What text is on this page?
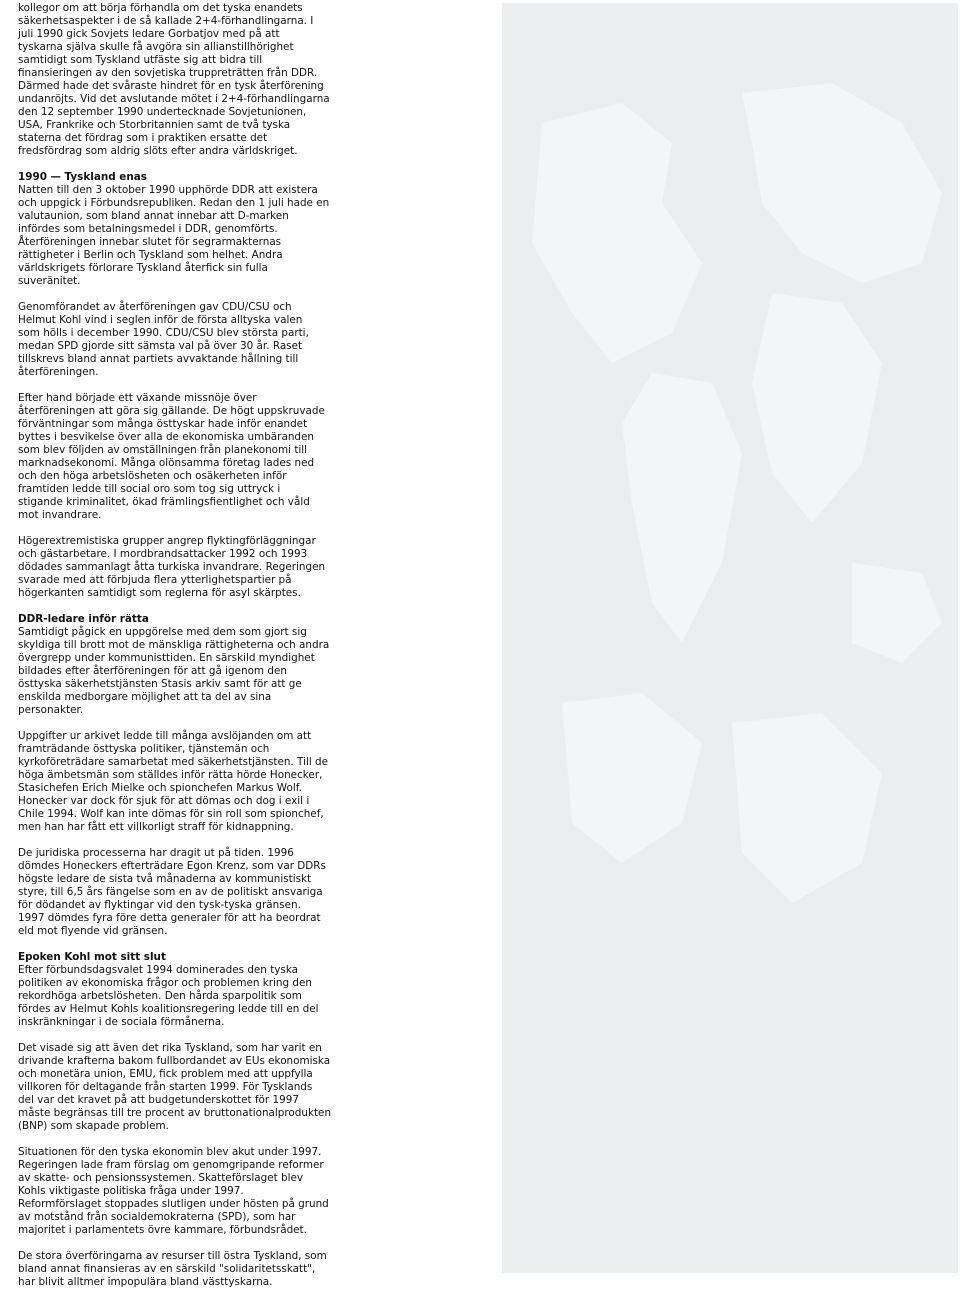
kollegor om att börja förhandla om det tyska enandets
säkerhetsaspekter i de så kallade 2+4-förhandlingarna. I
juli 1990 gick Sovjets ledare Gorbatjov med på att
tyskarna själva skulle få avgöra sin allianstillhörighet
samtidigt som Tyskland utfäste sig att bidra till
finansieringen av den sovjetiska truppreträtten från DDR.
Därmed hade det svåraste hindret för en tysk återförening
undanröjts. Vid det avslutande mötet i 2+4-förhandlingarna
den 12 september 1990 undertecknade Sovjetunionen,
USA, Frankrike och Storbritannien samt de två tyska
staterna det fördrag som i praktiken ersatte det
fredsfördrag som aldrig slöts efter andra världskriget.

1990 — Tyskland enas

Natten till den 3 oktober 1990 upphörde DDR att existera
och uppgick i Förbundsrepubliken. Redan den 1 juli hade en
valutaunion, som bland annat innebar att D-marken
infördes som betalningsmedel i DDR, genomförts.
Återföreningen innebar slutet för segrarmakternas
rättigheter i Berlin och Tyskland som helhet. Andra
världskrigets förlorare Tyskland återfick sin fulla
suveränitet.

Genomförandet av återföreningen gav CDU/CSU och
Helmut Kohl vind i seglen inför de första alltyska valen
som hölls i december 1990. CDU/CSU blev största parti,
medan SPD gjorde sitt sämsta val på över 30 år. Raset
tillskrevs bland annat partiets avvaktande hållning till
återföreningen.

Efter hand började ett växande missnöje över
återföreningen att göra sig gällande. De högt uppskruvade
förväntningar som många östtyskar hade inför enandet
byttes i besvikelse över alla de ekonomiska umbäranden
som blev följden av omställningen från planekonomi till
marknadsekonomi. Många olönsamma företag lades ned
och den höga arbetslösheten och osäkerheten inför
framtiden ledde till social oro som tog sig uttryck i
stigande kriminalitet, ökad främlingsfientlighet och våld
mot invandrare.

Högerextremistiska grupper angrep flyktingförläggningar
och gästarbetare. I mordbrandsattacker 1992 och 1993
dödades sammanlagt åtta turkiska invandrare. Regeringen
svarade med att förbjuda flera ytterlighetspartier på
högerkanten samtidigt som reglerna för asyl skärptes.

DDR-ledare inför rätta

Samtidigt pågick en uppgörelse med dem som gjort sig
skyldiga till brott mot de mänskliga rättigheterna och andra
övergrepp under kommunisttiden. En särskild myndighet
bildades efter återföreningen för att gå igenom den
östtyska säkerhetstjänsten Stasis arkiv samt för att ge
enskilda medborgare möjlighet att ta del av sina
personakter.

Uppgifter ur arkivet ledde till många avslöjanden om att
framträdande östtyska politiker, tjänstemän och
kyrkoföreträdare samarbetat med säkerhetstjänsten. Till de
höga ämbetsmän som ställdes inför rätta hörde Honecker,
Stasichefen Erich Mielke och spionchefen Markus Wolf.
Honecker var dock för sjuk för att dömas och dog i exil i
Chile 1994. Wolf kan inte dömas för sin roll som spionchef,
men han har fått ett villkorligt straff för kidnappning.

De juridiska processerna har dragit ut på tiden. 1996
dömdes Honeckers efterträdare Egon Krenz, som var DDRs
högste ledare de sista två månaderna av kommunistiskt
styre, till 6,5 års fängelse som en av de politiskt ansvariga
för dödandet av flyktingar vid den tysk-tyska gränsen.
1997 dömdes fyra före detta generaler för att ha beordrat
eld mot flyende vid gränsen.

Epoken Kohl mot sitt slut

Efter förbundsdagsvalet 1994 dominerades den tyska
politiken av ekonomiska frågor och problemen kring den
rekordhöga arbetslösheten. Den hårda sparpolitik som
fördes av Helmut Kohls koalitionsregering ledde till en del
inskränkningar i de sociala förmånerna.

Det visade sig att även det rika Tyskland, som har varit en
drivande krafterna bakom fullbordandet av EUs ekonomiska
och monetära union, EMU, fick problem med att uppfylla
villkoren för deltagande från starten 1999. För Tysklands
del var det kravet på att budgetunderskottet för 1997
måste begränsas till tre procent av bruttonationalprodukten
(BNP) som skapade problem.

Situationen för den tyska ekonomin blev akut under 1997.
Regeringen lade fram förslag om genomgripande reformer
av skatte- och pensionssystemen. Skatteförslaget blev
Kohls viktigaste politiska fråga under 1997.
Reformförslaget stoppades slutligen under hösten på grund
av motstånd från socialdemokraterna (SPD), som har
majoritet i parlamentets övre kammare, förbundsrådet.

De stora överföringarna av resurser till östra Tyskland, som
bland annat finansieras av en särskild "solidaritetsskatt",
har blivit alltmer impopulära bland västtyskarna.
